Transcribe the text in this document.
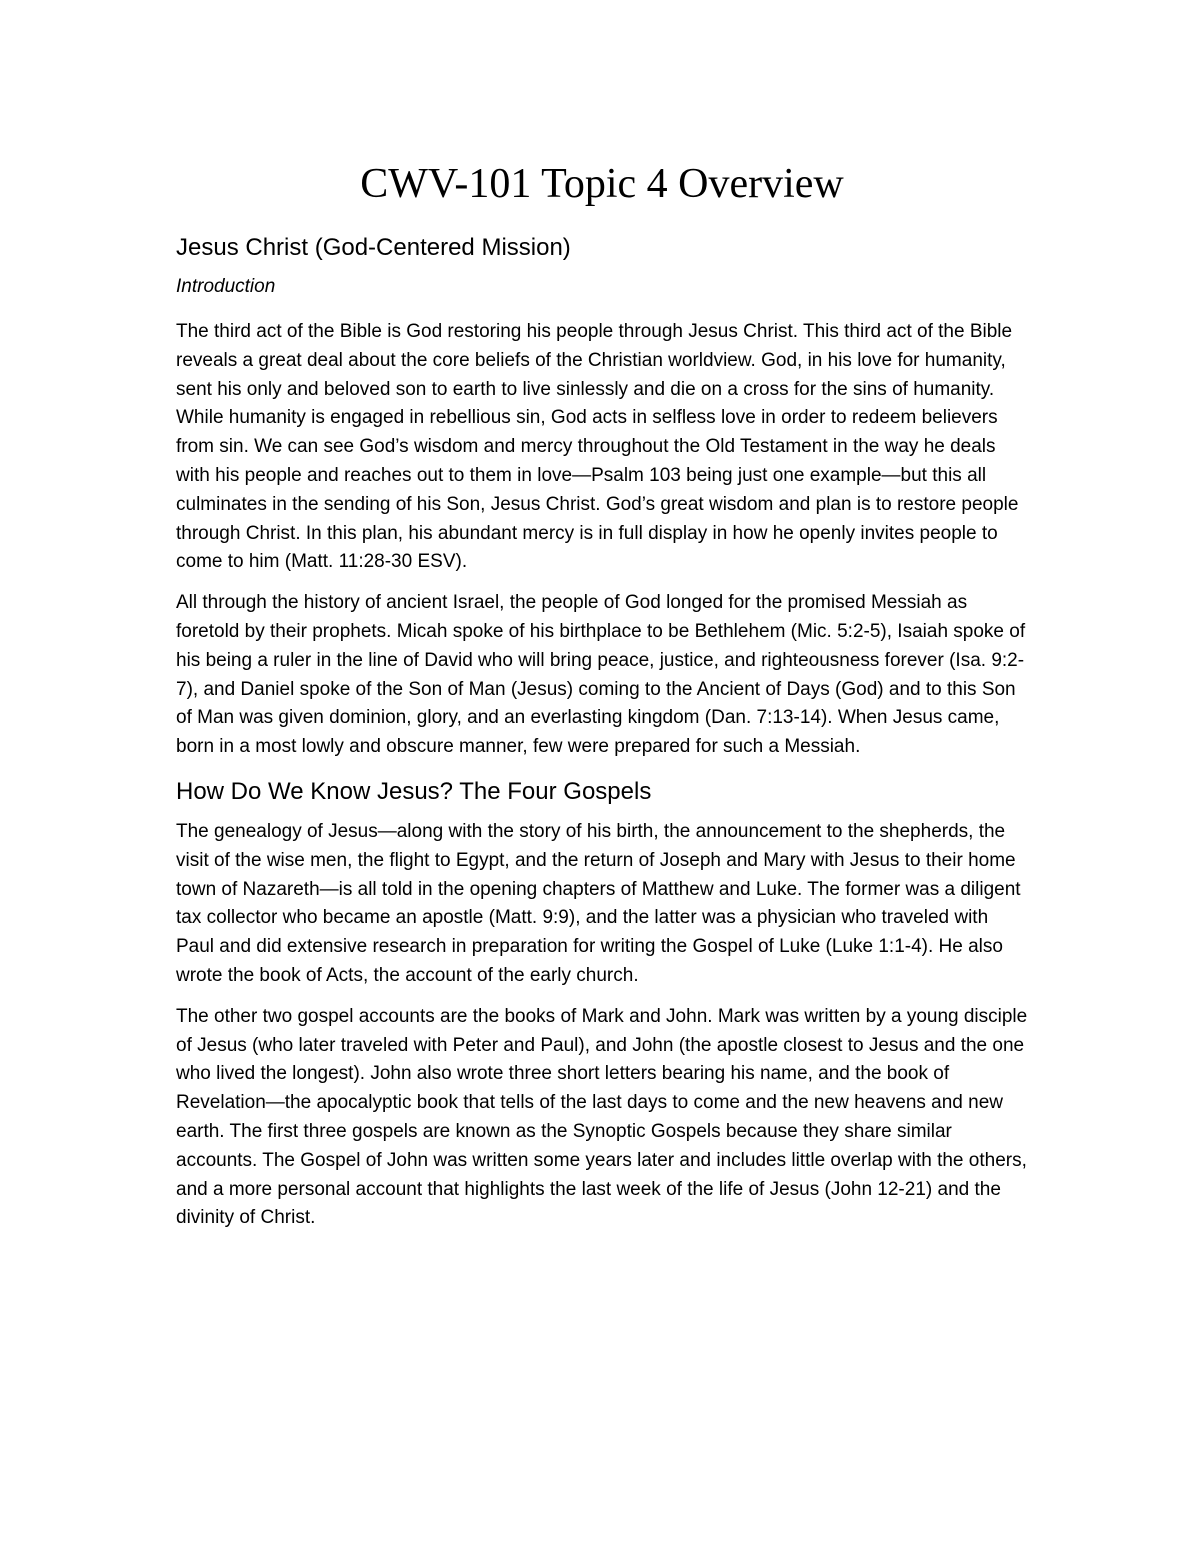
CWV-101 Topic 4 Overview
Jesus Christ (God-Centered Mission)
Introduction

The third act of the Bible is God restoring his people through Jesus Christ. This third act of the Bible reveals a great deal about the core beliefs of the Christian worldview. God, in his love for humanity, sent his only and beloved son to earth to live sinlessly and die on a cross for the sins of humanity. While humanity is engaged in rebellious sin, God acts in selfless love in order to redeem believers from sin. We can see God’s wisdom and mercy throughout the Old Testament in the way he deals with his people and reaches out to them in love—Psalm 103 being just one example—but this all culminates in the sending of his Son, Jesus Christ. God’s great wisdom and plan is to restore people through Christ. In this plan, his abundant mercy is in full display in how he openly invites people to come to him (Matt. 11:28-30 ESV).

All through the history of ancient Israel, the people of God longed for the promised Messiah as foretold by their prophets. Micah spoke of his birthplace to be Bethlehem (Mic. 5:2-5), Isaiah spoke of his being a ruler in the line of David who will bring peace, justice, and righteousness forever (Isa. 9:2-7), and Daniel spoke of the Son of Man (Jesus) coming to the Ancient of Days (God) and to this Son of Man was given dominion, glory, and an everlasting kingdom (Dan. 7:13-14). When Jesus came, born in a most lowly and obscure manner, few were prepared for such a Messiah.

How Do We Know Jesus? The Four Gospels

The genealogy of Jesus—along with the story of his birth, the announcement to the shepherds, the visit of the wise men, the flight to Egypt, and the return of Joseph and Mary with Jesus to their home town of Nazareth—is all told in the opening chapters of Matthew and Luke. The former was a diligent tax collector who became an apostle (Matt. 9:9), and the latter was a physician who traveled with Paul and did extensive research in preparation for writing the Gospel of Luke (Luke 1:1-4). He also wrote the book of Acts, the account of the early church.

The other two gospel accounts are the books of Mark and John. Mark was written by a young disciple of Jesus (who later traveled with Peter and Paul), and John (the apostle closest to Jesus and the one who lived the longest). John also wrote three short letters bearing his name, and the book of Revelation—the apocalyptic book that tells of the last days to come and the new heavens and new earth. The first three gospels are known as the Synoptic Gospels because they share similar accounts. The Gospel of John was written some years later and includes little overlap with the others, and a more personal account that highlights the last week of the life of Jesus (John 12-21) and the divinity of Christ.
